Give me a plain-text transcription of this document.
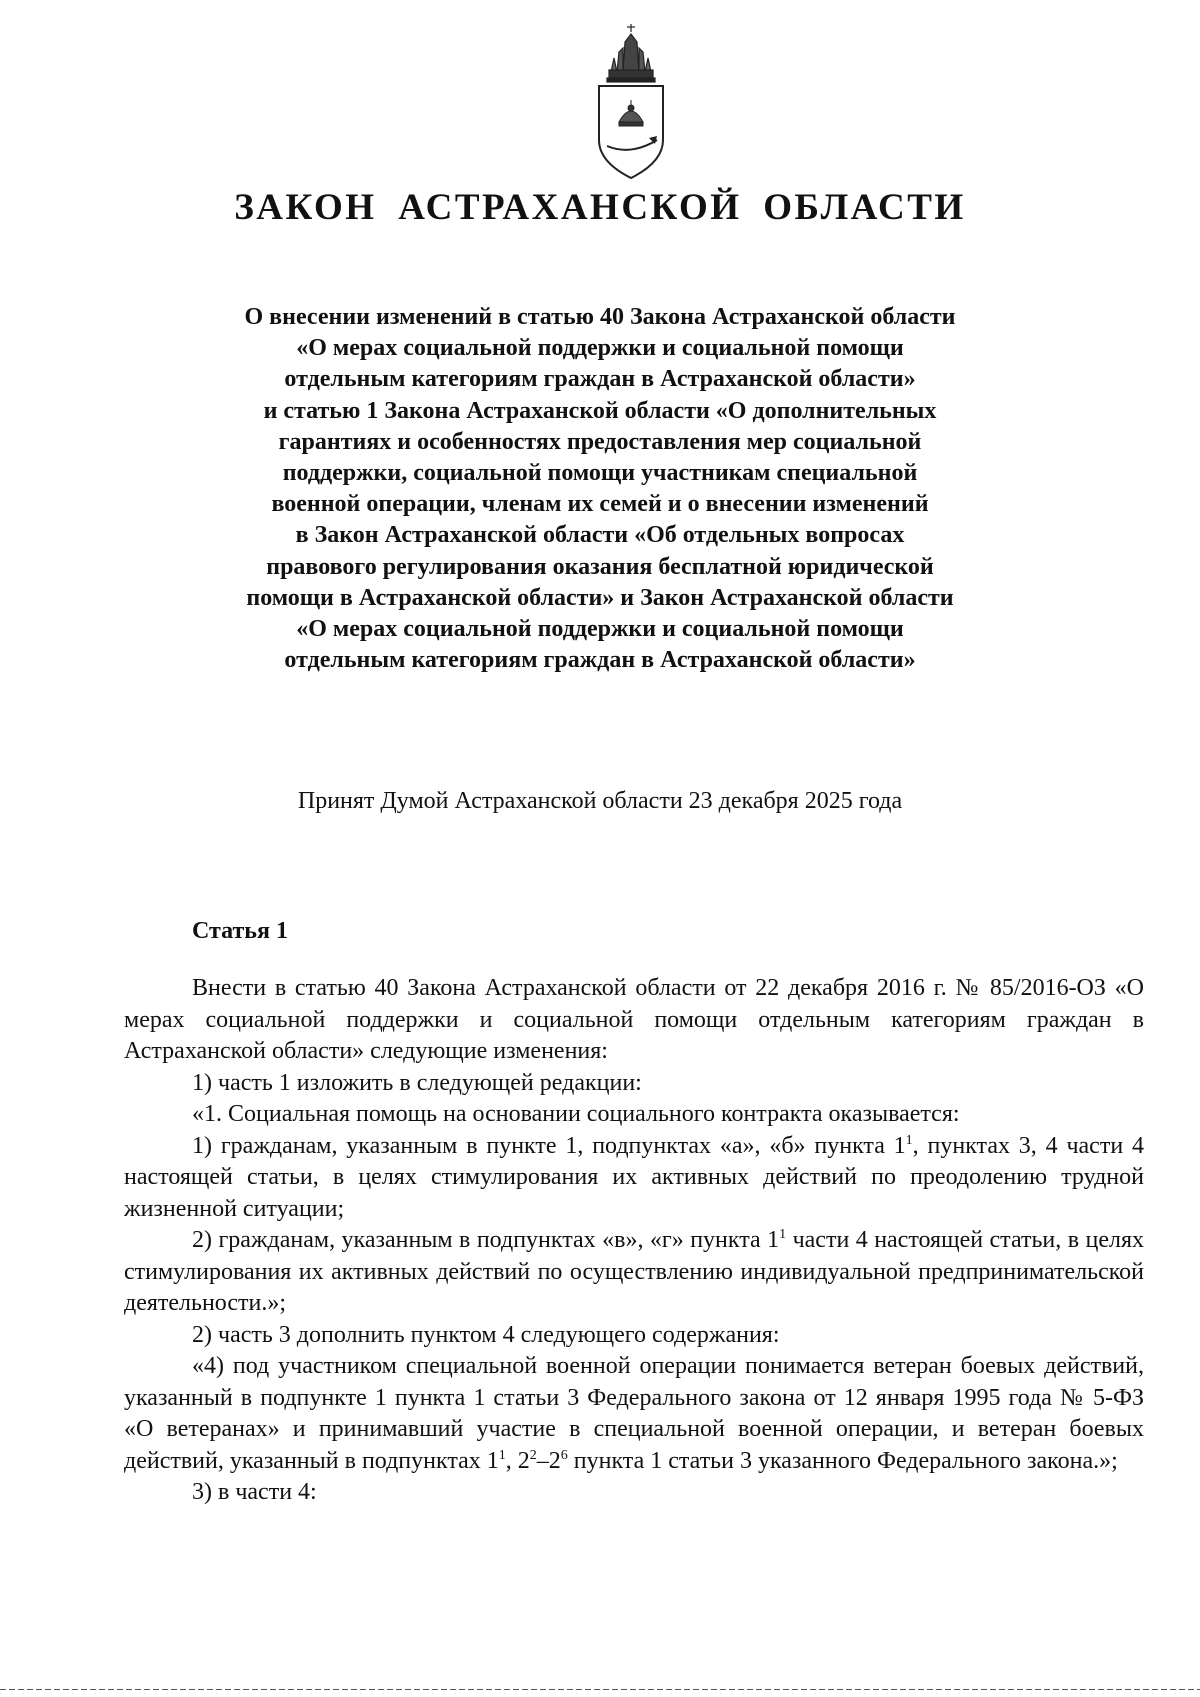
ЗАКОН АСТРАХАНСКОЙ ОБЛАСТИ
О внесении изменений в статью 40 Закона Астраханской области
«О мерах социальной поддержки и социальной помощи
отдельным категориям граждан в Астраханской области»
и статью 1 Закона Астраханской области «О дополнительных
гарантиях и особенностях предоставления мер социальной
поддержки, социальной помощи участникам специальной
военной операции, членам их семей и о внесении изменений
в Закон Астраханской области «Об отдельных вопросах
правового регулирования оказания бесплатной юридической
помощи в Астраханской области» и Закон Астраханской области
«О мерах социальной поддержки и социальной помощи
отдельным категориям граждан в Астраханской области»
Принят Думой Астраханской области 23 декабря 2025 года
Статья 1

Внести в статью 40 Закона Астраханской области от 22 декабря 2016 г. № 85/2016-ОЗ «О мерах социальной поддержки и социальной помощи отдельным категориям граждан в Астраханской области» следующие изменения:

1) часть 1 изложить в следующей редакции:

«1. Социальная помощь на основании социального контракта оказывается:

1) гражданам, указанным в пункте 1, подпунктах «а», «б» пункта $1^1$, пунктах 3, 4 части 4 настоящей статьи, в целях стимулирования их активных действий по преодолению трудной жизненной ситуации;

2) гражданам, указанным в подпунктах «в», «г» пункта $1^1$ части 4 настоящей статьи, в целях стимулирования их активных действий по осуществлению индивидуальной предпринимательской деятельности.»;

2) часть 3 дополнить пунктом 4 следующего содержания:

«4) под участником специальной военной операции понимается ветеран боевых действий, указанный в подпункте 1 пункта 1 статьи 3 Федерального закона от 12 января 1995 года № 5-ФЗ «О ветеранах» и принимавший участие в специальной военной операции, и ветеран боевых действий, указанный в подпунктах $1^1$, $2^2-2^6$ пункта 1 статьи 3 указанного Федерального закона.»;

3) в части 4:
